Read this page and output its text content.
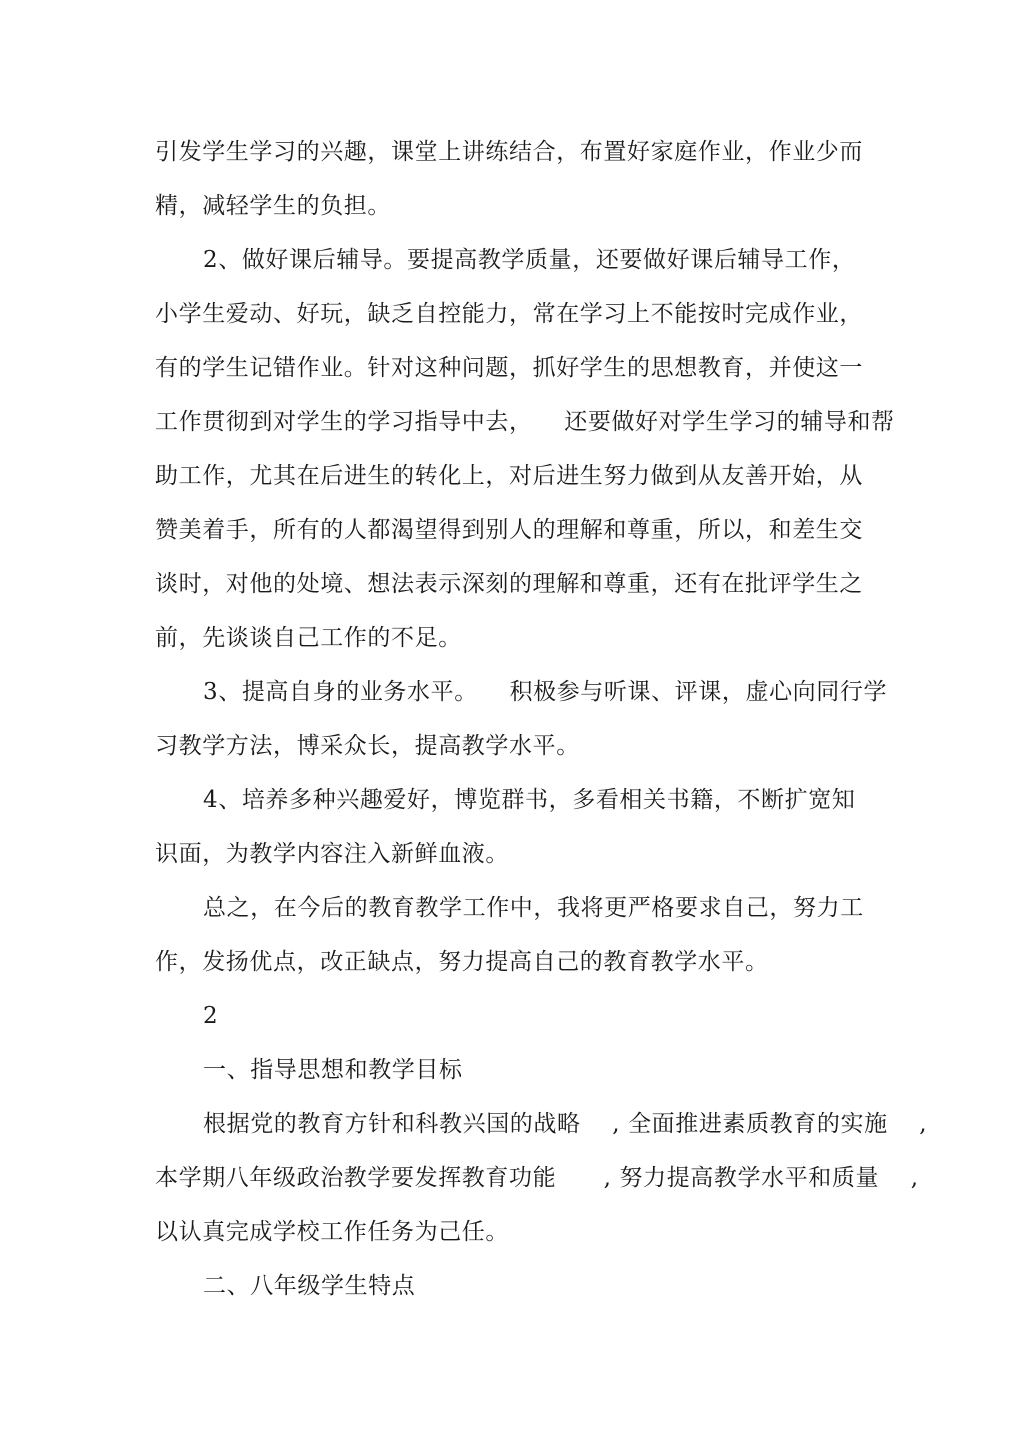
引发学生学习的兴趣，课堂上讲练结合，布置好家庭作业，作业少而
精，减轻学生的负担。
2、做好课后辅导。要提高教学质量，还要做好课后辅导工作，
小学生爱动、好玩，缺乏自控能力，常在学习上不能按时完成作业，
有的学生记错作业。针对这种问题，抓好学生的思想教育，并使这一
工作贯彻到对学生的学习指导中去，    还要做好对学生学习的辅导和帮
助工作，尤其在后进生的转化上，对后进生努力做到从友善开始，从
赞美着手，所有的人都渴望得到别人的理解和尊重，所以，和差生交
谈时，对他的处境、想法表示深刻的理解和尊重，还有在批评学生之
前，先谈谈自己工作的不足。
3、提高自身的业务水平。    积极参与听课、评课，虚心向同行学
习教学方法，博采众长，提高教学水平。
4、培养多种兴趣爱好，博览群书，多看相关书籍，不断扩宽知
识面，为教学内容注入新鲜血液。
总之，在今后的教育教学工作中，我将更严格要求自己，努力工
作，发扬优点，改正缺点，努力提高自己的教育教学水平。
2
一、指导思想和教学目标
根据党的教育方针和科教兴国的战略    , 全面推进素质教育的实施    ,
本学期八年级政治教学要发挥教育功能      , 努力提高教学水平和质量    ,
以认真完成学校工作任务为己任。
二、八年级学生特点
